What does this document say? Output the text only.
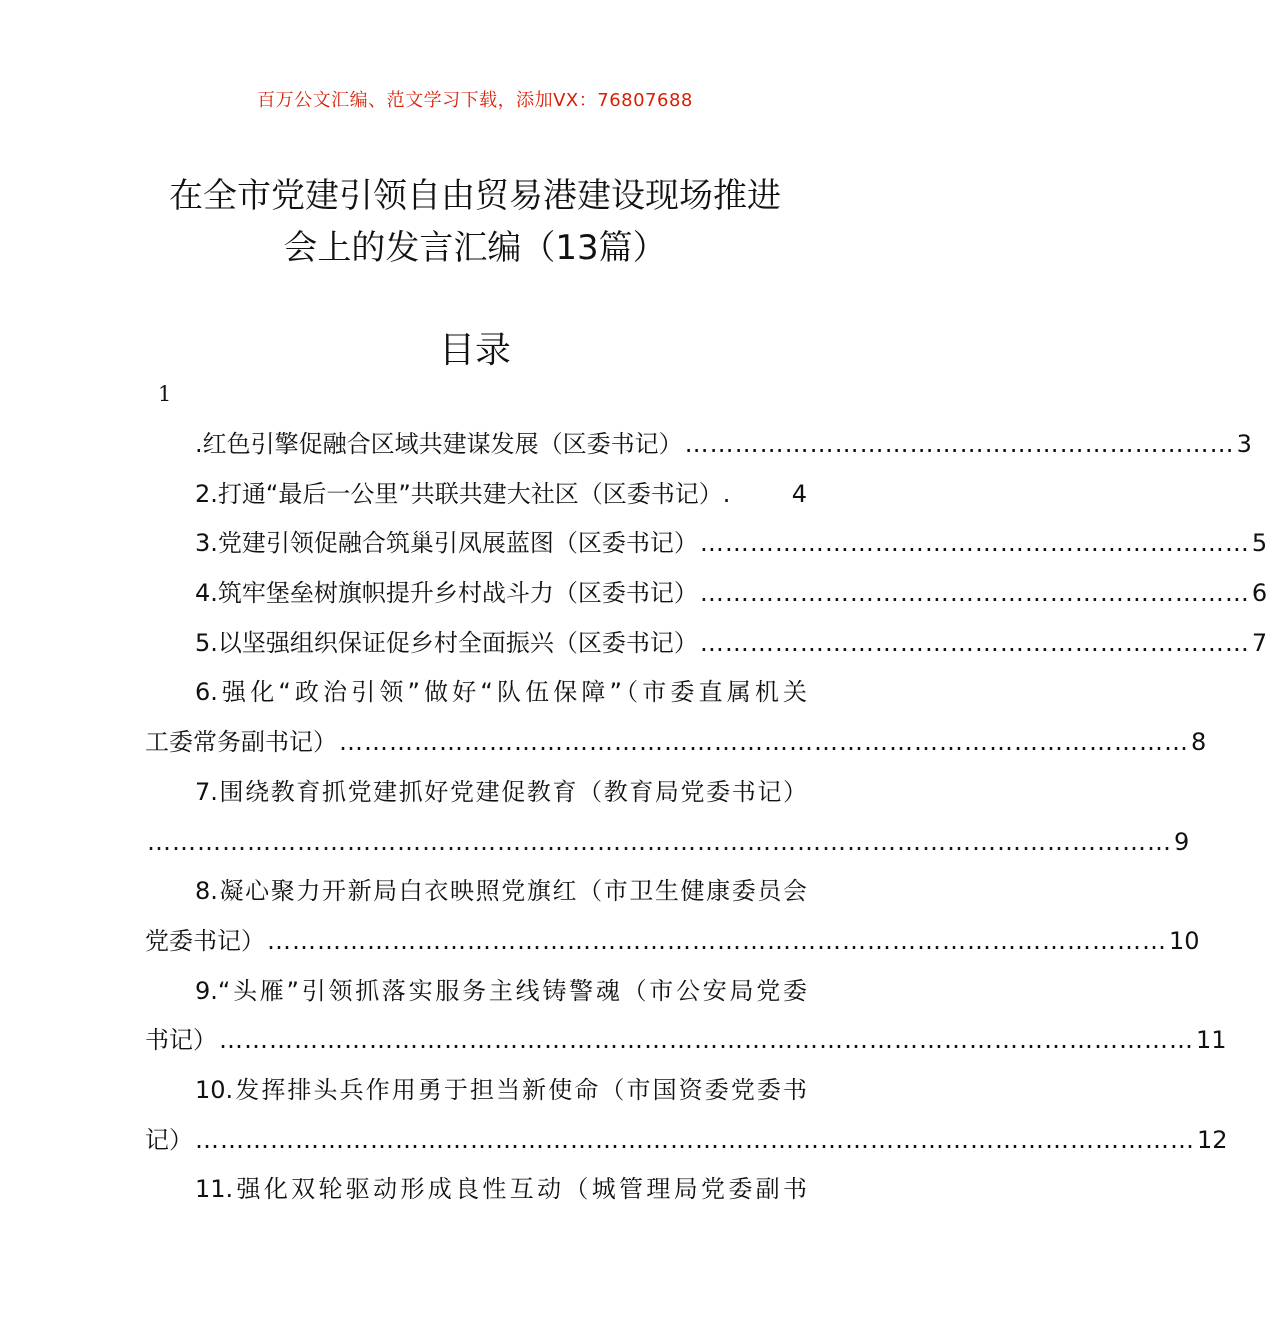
百万公文汇编、范文学习下载，添加VX：76807688
在全市党建引领自由贸易港建设现场推进
会上的发言汇编（13篇）
目录
1
.红色引擎促融合区域共建谋发展（区委书记） ………………………………………………………… 3
2.打通“最后一公里”共联共建大社区（区委书记）.	4
3.党建引领促融合筑巢引凤展蓝图（区委书记） ………………………………………………………… 5
4.筑牢堡垒树旗帜提升乡村战斗力（区委书记） ………………………………………………………… 6
5.以坚强组织保证促乡村全面振兴（区委书记） ………………………………………………………… 7
6.强化“政治引领”做好“队伍保障”（市委直属机关
工委常务副书记） ………………………………………………………………………………………… 8
7.围绕教育抓党建抓好党建促教育（教育局党委书记）
…………………………………………………………………………………………………………… 9
8.凝心聚力开新局白衣映照党旗红（市卫生健康委员会
党委书记） ……………………………………………………………………………………………… 10
9.“头雁”引领抓落实服务主线铸警魂（市公安局党委
书记） ……………………………………………………………………………………………………… 11
10.发挥排头兵作用勇于担当新使命（市国资委党委书
记） ………………………………………………………………………………………………………… 12
11.强化双轮驱动形成良性互动（城管理局党委副书
